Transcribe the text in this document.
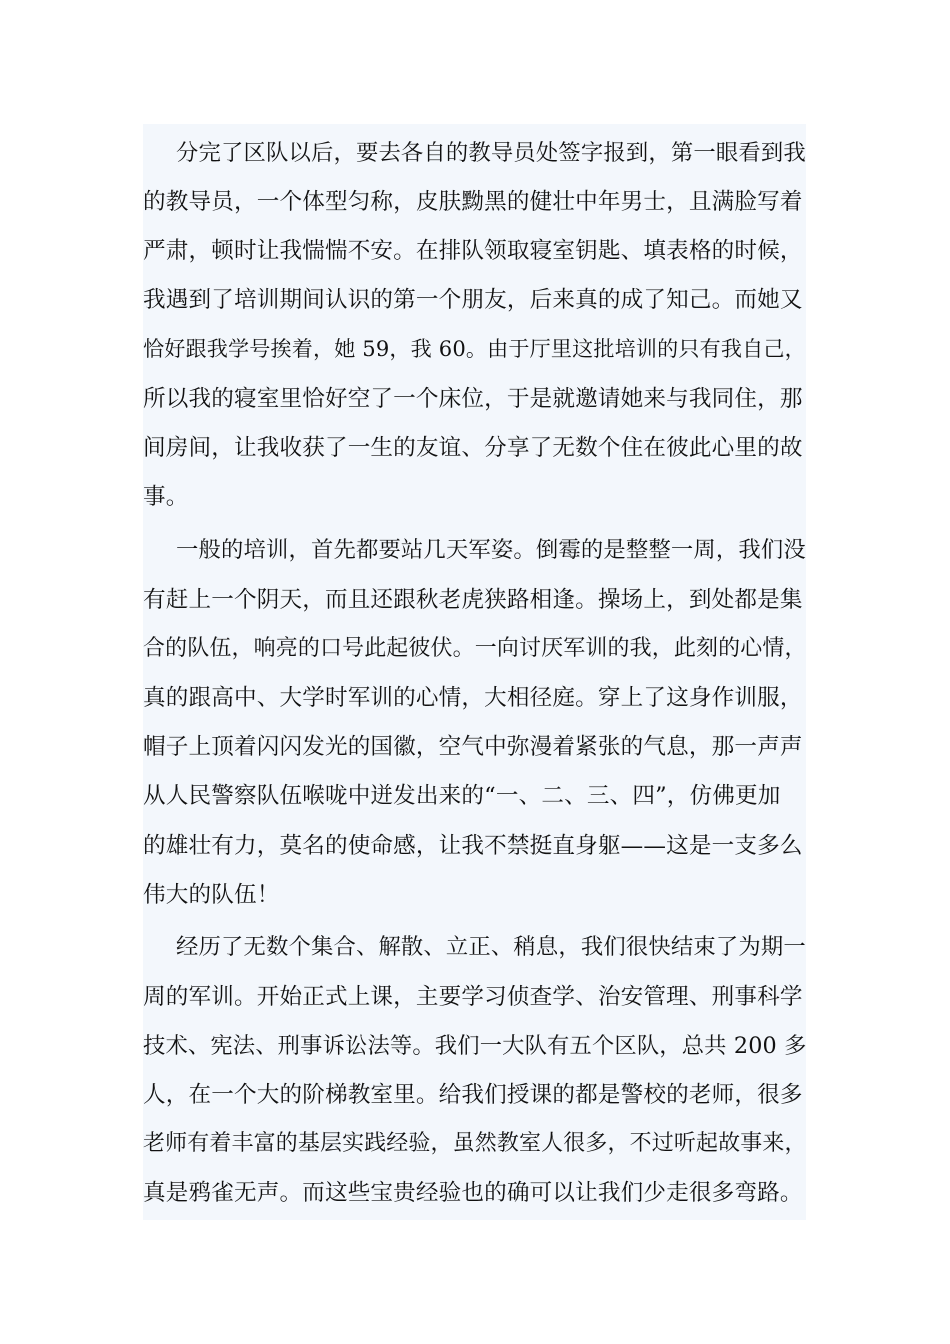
分完了区队以后，要去各自的教导员处签字报到，第一眼看到我
的教导员，一个体型匀称，皮肤黝黑的健壮中年男士，且满脸写着
严肃，顿时让我惴惴不安。在排队领取寝室钥匙、填表格的时候，
我遇到了培训期间认识的第一个朋友，后来真的成了知己。而她又
恰好跟我学号挨着，她 59，我 60。由于厅里这批培训的只有我自己，
所以我的寝室里恰好空了一个床位，于是就邀请她来与我同住，那
间房间，让我收获了一生的友谊、分享了无数个住在彼此心里的故
事。
一般的培训，首先都要站几天军姿。倒霉的是整整一周，我们没
有赶上一个阴天，而且还跟秋老虎狭路相逢。操场上，到处都是集
合的队伍，响亮的口号此起彼伏。一向讨厌军训的我，此刻的心情，
真的跟高中、大学时军训的心情，大相径庭。穿上了这身作训服，
帽子上顶着闪闪发光的国徽，空气中弥漫着紧张的气息，那一声声
从人民警察队伍喉咙中迸发出来的“一、二、三、四”，仿佛更加
的雄壮有力，莫名的使命感，让我不禁挺直身躯——这是一支多么
伟大的队伍！
经历了无数个集合、解散、立正、稍息，我们很快结束了为期一
周的军训。开始正式上课，主要学习侦查学、治安管理、刑事科学
技术、宪法、刑事诉讼法等。我们一大队有五个区队，总共 200 多
人，在一个大的阶梯教室里。给我们授课的都是警校的老师，很多
老师有着丰富的基层实践经验，虽然教室人很多，不过听起故事来，
真是鸦雀无声。而这些宝贵经验也的确可以让我们少走很多弯路。
